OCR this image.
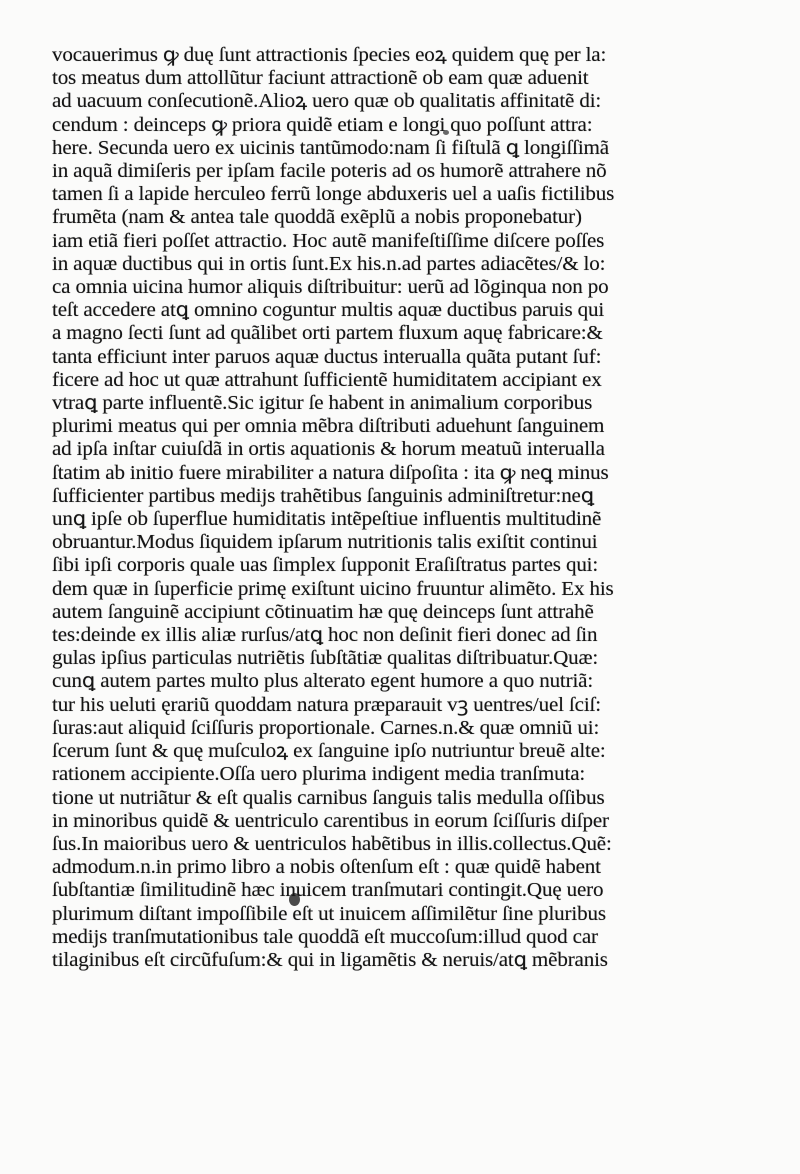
vocauerimus ꝙ duę ſunt attractionis ſpecies eoꝝ quidem quę per la:
tos meatus dum attollũtur faciunt attractionẽ ob eam quæ aduenit
ad uacuum conſecutionẽ.Alioꝝ uero quæ ob qualitatis affinitatẽ di:
cendum : deinceps ꝙ priora quidẽ etiam e longi quo poſſunt attra:
here. Secunda uero ex uicinis tantũmodo:nam ſi fiſtulã ꝗ longiſſimã
in aquã dimiſeris per ipſam facile poteris ad os humorẽ attrahere nõ
tamen ſi a lapide herculeo ferrũ longe abduxeris uel a uaſis fictilibus
frumẽta (nam & antea tale quoddã exẽplũ a nobis proponebatur)
iam etiã fieri poſſet attractio. Hoc autẽ manifeſtiſſime diſcere poſſes
in aquæ ductibus qui in ortis ſunt.Ex his.n.ad partes adiacẽtes/& lo:
ca omnia uicina humor aliquis diſtribuitur: uerũ ad lõginqua non po
teſt accedere atꝗ omnino coguntur multis aquæ ductibus paruis qui
a magno ſecti ſunt ad quãlibet orti partem fluxum aquę fabricare:&
tanta efficiunt inter paruos aquæ ductus interualla quãta putant ſuf:
ficere ad hoc ut quæ attrahunt ſufficientẽ humiditatem accipiant ex
vtraꝗ parte influentẽ.Sic igitur ſe habent in animalium corporibus
plurimi meatus qui per omnia mẽbra diſtributi aduehunt ſanguinem
ad ipſa inſtar cuiuſdã in ortis aquationis & horum meatuũ interualla
ſtatim ab initio fuere mirabiliter a natura diſpoſita : ita ꝙ neꝗ minus
ſufficienter partibus medijs trahẽtibus ſanguinis adminiſtretur:neꝗ
unꝗ ipſe ob ſuperflue humiditatis intẽpeſtiue influentis multitudinẽ
obruantur.Modus ſiquidem ipſarum nutritionis talis exiſtit continui
ſibi ipſi corporis quale uas ſimplex ſupponit Eraſiſtratus partes qui:
dem quæ in ſuperficie primę exiſtunt uicino fruuntur alimẽto. Ex his
autem ſanguinẽ accipiunt cõtinuatim hæ quę deinceps ſunt attrahẽ
tes:deinde ex illis aliæ rurſus/atꝗ hoc non deſinit fieri donec ad ſin
gulas ipſius particulas nutriẽtis ſubſtãtiæ qualitas diſtribuatur.Quæ:
cunꝗ autem partes multo plus alterato egent humore a quo nutriã:
tur his ueluti ęrariũ quoddam natura præparauit vꝫ uentres/uel ſciſ:
ſuras:aut aliquid ſciſſuris proportionale. Carnes.n.& quæ omniũ ui:
ſcerum ſunt & quę muſculoꝝ ex ſanguine ipſo nutriuntur breuẽ alte:
rationem accipiente.Oſſa uero plurima indigent media tranſmuta:
tione ut nutriãtur & eſt qualis carnibus ſanguis talis medulla oſſibus
in minoribus quidẽ & uentriculo carentibus in eorum ſciſſuris diſper
ſus.In maioribus uero & uentriculos habẽtibus in illis.collectus.Quẽ:
admodum.n.in primo libro a nobis oſtenſum eſt : quæ quidẽ habent
ſubſtantiæ ſimilitudinẽ hæc inuicem tranſmutari contingit.Quę uero
plurimum diſtant impoſſibile eſt ut inuicem aſſimilẽtur ſine pluribus
medijs tranſmutationibus tale quoddã eſt muccoſum:illud quod car
tilaginibus eſt circũfuſum:& qui in ligamẽtis & neruis/atꝗ mẽbranis
